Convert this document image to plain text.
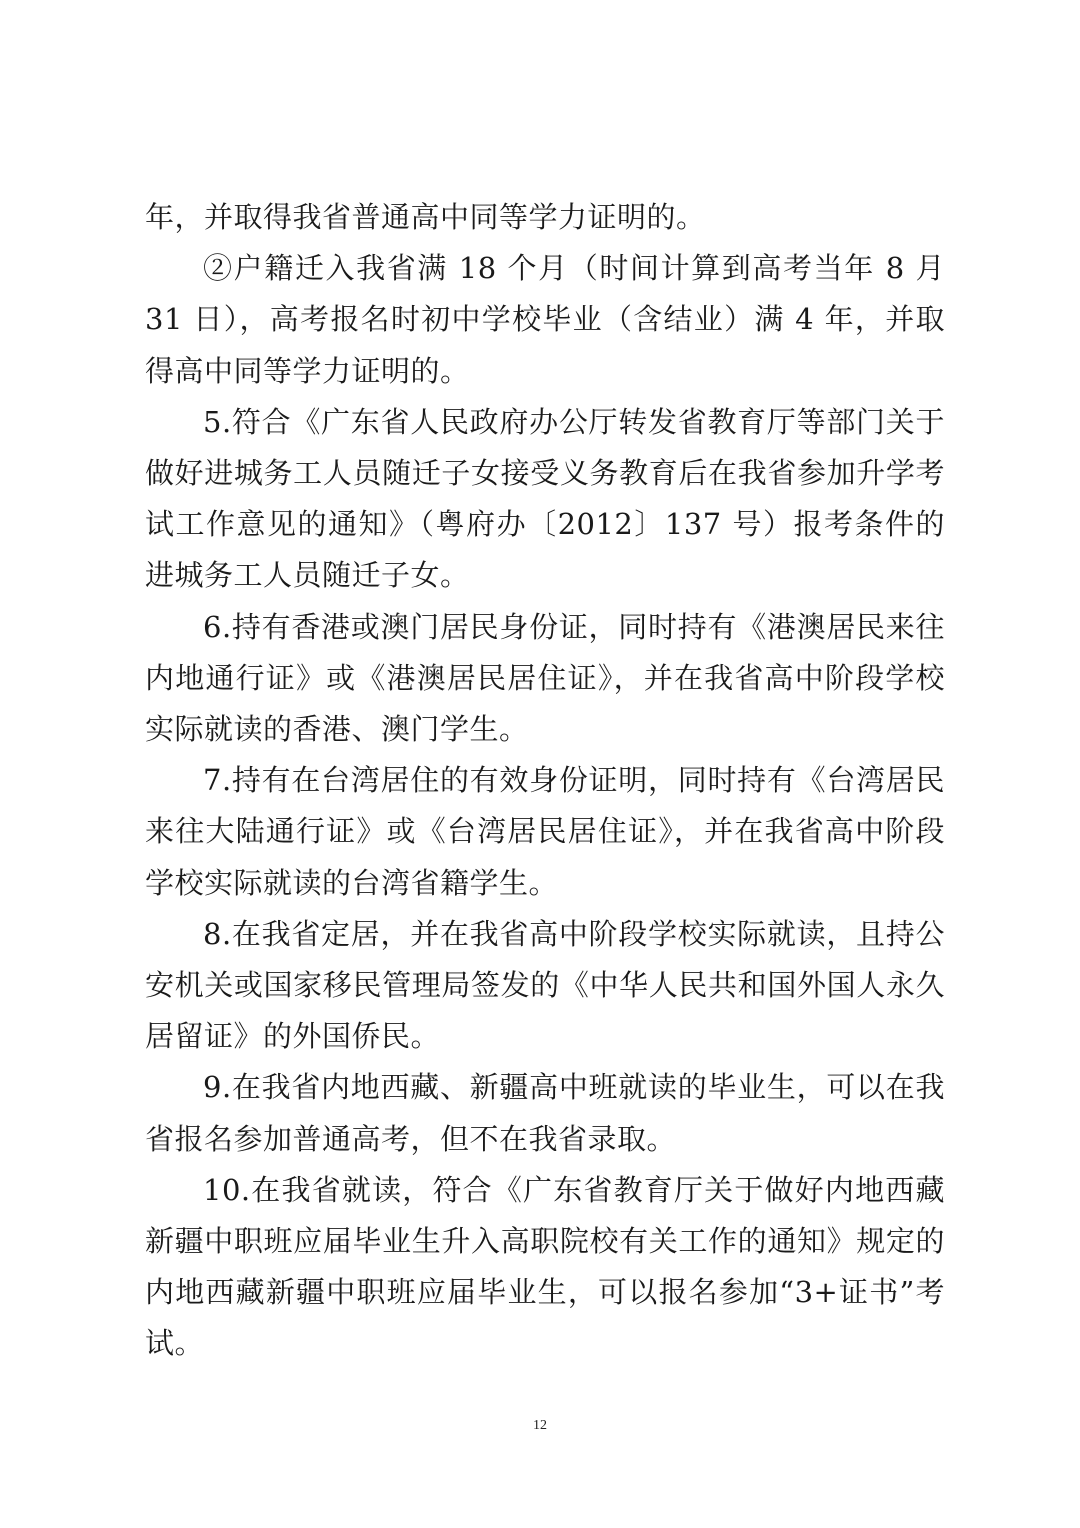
年，并取得我省普通高中同等学力证明的。

②户籍迁入我省满 18 个月（时间计算到高考当年 8 月 31 日），高考报名时初中学校毕业（含结业）满 4 年，并取得高中同等学力证明的。

5.符合《广东省人民政府办公厅转发省教育厅等部门关于做好进城务工人员随迁子女接受义务教育后在我省参加升学考试工作意见的通知》（粤府办〔2012〕137 号）报考条件的进城务工人员随迁子女。

6.持有香港或澳门居民身份证，同时持有《港澳居民来往内地通行证》或《港澳居民居住证》，并在我省高中阶段学校实际就读的香港、澳门学生。

7.持有在台湾居住的有效身份证明，同时持有《台湾居民来往大陆通行证》或《台湾居民居住证》，并在我省高中阶段学校实际就读的台湾省籍学生。

8.在我省定居，并在我省高中阶段学校实际就读，且持公安机关或国家移民管理局签发的《中华人民共和国外国人永久居留证》的外国侨民。

9.在我省内地西藏、新疆高中班就读的毕业生，可以在我省报名参加普通高考，但不在我省录取。

10.在我省就读，符合《广东省教育厅关于做好内地西藏新疆中职班应届毕业生升入高职院校有关工作的通知》规定的内地西藏新疆中职班应届毕业生，可以报名参加“3+证书”考试。

12
